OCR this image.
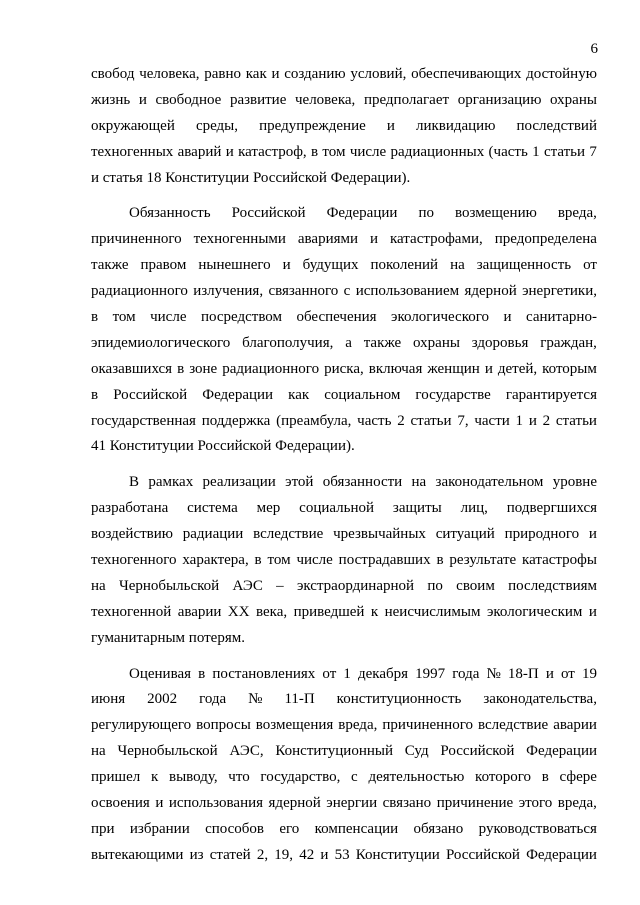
6
свобод человека, равно как и созданию условий, обеспечивающих достойную
жизнь и свободное развитие человека, предполагает организацию охраны
окружающей среды, предупреждение и ликвидацию последствий
техногенных аварий и катастроф, в том числе радиационных (часть 1 статьи 7
и статья 18 Конституции Российской Федерации).
Обязанность Российской Федерации по возмещению вреда,
причиненного техногенными авариями и катастрофами, предопределена
также правом нынешнего и будущих поколений на защищенность от
радиационного излучения, связанного с использованием ядерной энергетики,
в том числе посредством обеспечения экологического и санитарно-
эпидемиологического благополучия, а также охраны здоровья граждан,
оказавшихся в зоне радиационного риска, включая женщин и детей, которым
в Российской Федерации как социальном государстве гарантируется
государственная поддержка (преамбула, часть 2 статьи 7, части 1 и 2 статьи
41 Конституции Российской Федерации).
В рамках реализации этой обязанности на законодательном уровне
разработана система мер социальной защиты лиц, подвергшихся
воздействию радиации вследствие чрезвычайных ситуаций природного и
техногенного характера, в том числе пострадавших в результате катастрофы
на Чернобыльской АЭС – экстраординарной по своим последствиям
техногенной аварии XX века, приведшей к неисчислимым экологическим и
гуманитарным потерям.
Оценивая в постановлениях от 1 декабря 1997 года № 18-П и от 19
июня 2002 года № 11-П конституционность законодательства,
регулирующего вопросы возмещения вреда, причиненного вследствие аварии
на Чернобыльской АЭС, Конституционный Суд Российской Федерации
пришел к выводу, что государство, с деятельностью которого в сфере
освоения и использования ядерной энергии связано причинение этого вреда,
при избрании способов его компенсации обязано руководствоваться
вытекающими из статей 2, 19, 42 и 53 Конституции Российской Федерации
